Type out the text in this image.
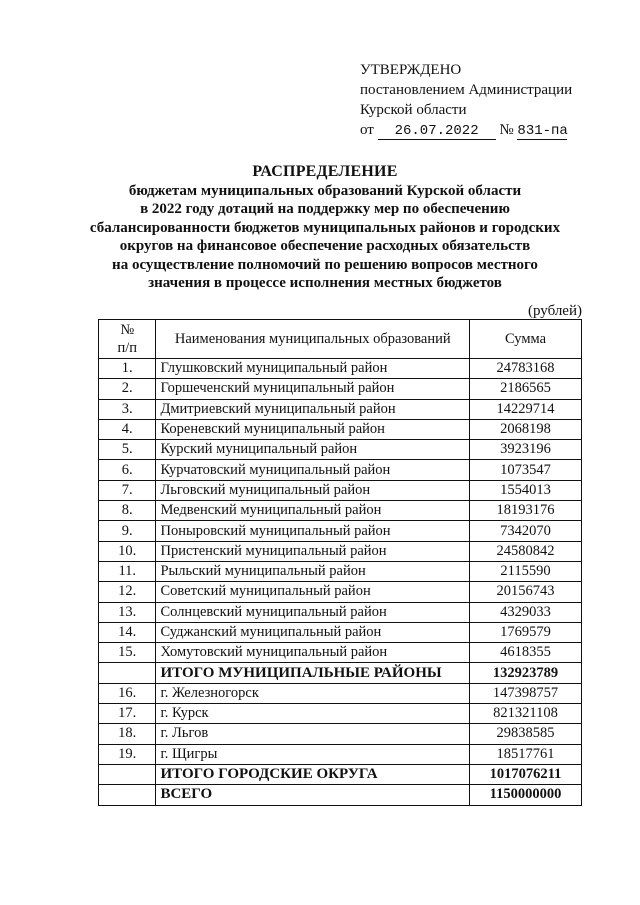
УТВЕРЖДЕНО
постановлением Администрации
Курской области
от 26.07.2022 № 831-па
РАСПРЕДЕЛЕНИЕ
бюджетам муниципальных образований Курской области
в 2022 году дотаций на поддержку мер по обеспечению
сбалансированности бюджетов муниципальных районов и городских
округов на финансовое обеспечение расходных обязательств
на осуществление полномочий по решению вопросов местного
значения в процессе исполнения местных бюджетов
(рублей)
№
п/п	Наименования муниципальных образований	Сумма
1.	Глушковский муниципальный район	24783168
2.	Горшеченский муниципальный район	2186565
3.	Дмитриевский муниципальный район	14229714
4.	Кореневский муниципальный район	2068198
5.	Курский муниципальный район	3923196
6.	Курчатовский муниципальный район	1073547
7.	Льговский муниципальный район	1554013
8.	Медвенский муниципальный район	18193176
9.	Поныровский муниципальный район	7342070
10.	Пристенский муниципальный район	24580842
11.	Рыльский муниципальный район	2115590
12.	Советский муниципальный район	20156743
13.	Солнцевский муниципальный район	4329033
14.	Суджанский муниципальный район	1769579
15.	Хомутовский муниципальный район	4618355
	ИТОГО МУНИЦИПАЛЬНЫЕ РАЙОНЫ	132923789
16.	г. Железногорск	147398757
17.	г. Курск	821321108
18.	г. Льгов	29838585
19.	г. Щигры	18517761
	ИТОГО ГОРОДСКИЕ ОКРУГА	1017076211
	ВСЕГО	1150000000
